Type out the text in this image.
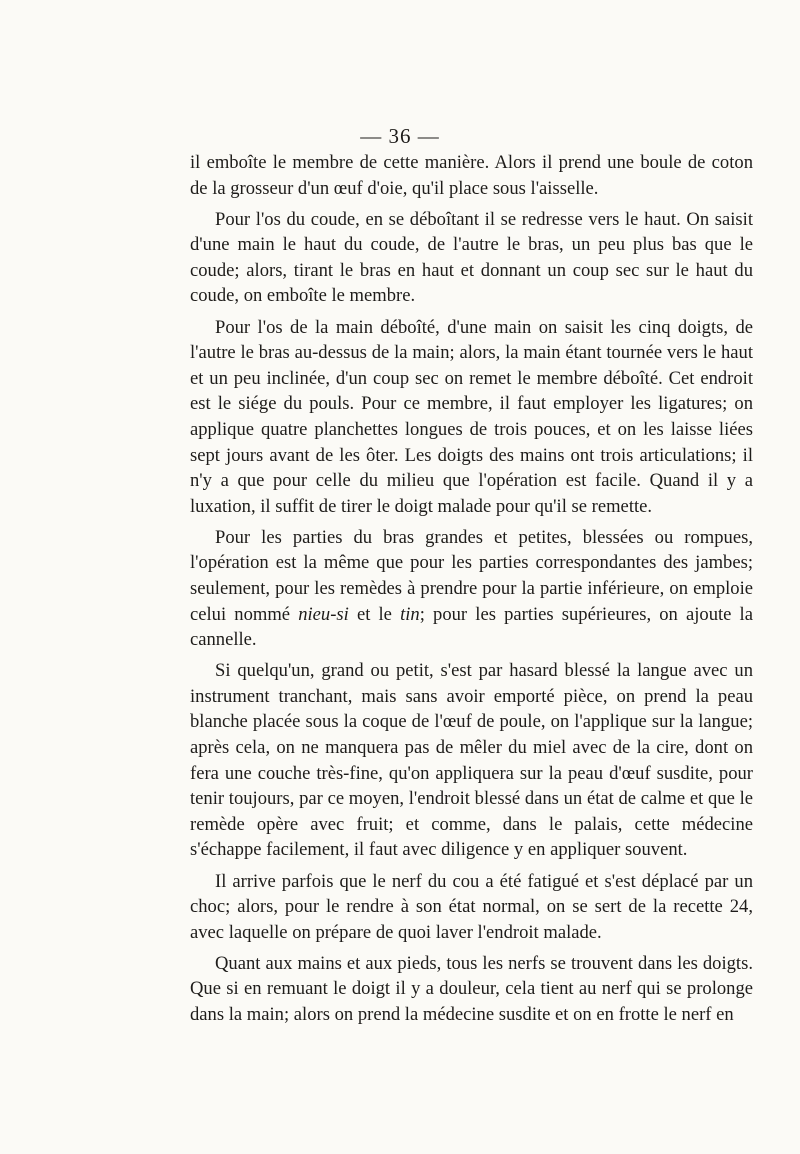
— 36 —

il emboîte le membre de cette manière. Alors il prend une boule de coton de la grosseur d'un œuf d'oie, qu'il place sous l'aisselle.

Pour l'os du coude, en se déboîtant il se redresse vers le haut. On saisit d'une main le haut du coude, de l'autre le bras, un peu plus bas que le coude; alors, tirant le bras en haut et donnant un coup sec sur le haut du coude, on emboîte le membre.

Pour l'os de la main déboîté, d'une main on saisit les cinq doigts, de l'autre le bras au-dessus de la main; alors, la main étant tournée vers le haut et un peu inclinée, d'un coup sec on remet le membre déboîté. Cet endroit est le siége du pouls. Pour ce membre, il faut employer les ligatures; on applique quatre planchettes longues de trois pouces, et on les laisse liées sept jours avant de les ôter. Les doigts des mains ont trois articulations; il n'y a que pour celle du milieu que l'opération est facile. Quand il y a luxation, il suffit de tirer le doigt malade pour qu'il se remette.

Pour les parties du bras grandes et petites, blessées ou rompues, l'opération est la même que pour les parties correspondantes des jambes; seulement, pour les remèdes à prendre pour la partie inférieure, on emploie celui nommé nieu-si et le tin; pour les parties supérieures, on ajoute la cannelle.

Si quelqu'un, grand ou petit, s'est par hasard blessé la langue avec un instrument tranchant, mais sans avoir emporté pièce, on prend la peau blanche placée sous la coque de l'œuf de poule, on l'applique sur la langue; après cela, on ne manquera pas de mêler du miel avec de la cire, dont on fera une couche très-fine, qu'on appliquera sur la peau d'œuf susdite, pour tenir toujours, par ce moyen, l'endroit blessé dans un état de calme et que le remède opère avec fruit; et comme, dans le palais, cette médecine s'échappe facilement, il faut avec diligence y en appliquer souvent.

Il arrive parfois que le nerf du cou a été fatigué et s'est déplacé par un choc; alors, pour le rendre à son état normal, on se sert de la recette 24, avec laquelle on prépare de quoi laver l'endroit malade.

Quant aux mains et aux pieds, tous les nerfs se trouvent dans les doigts. Que si en remuant le doigt il y a douleur, cela tient au nerf qui se prolonge dans la main; alors on prend la médecine susdite et on en frotte le nerf en
